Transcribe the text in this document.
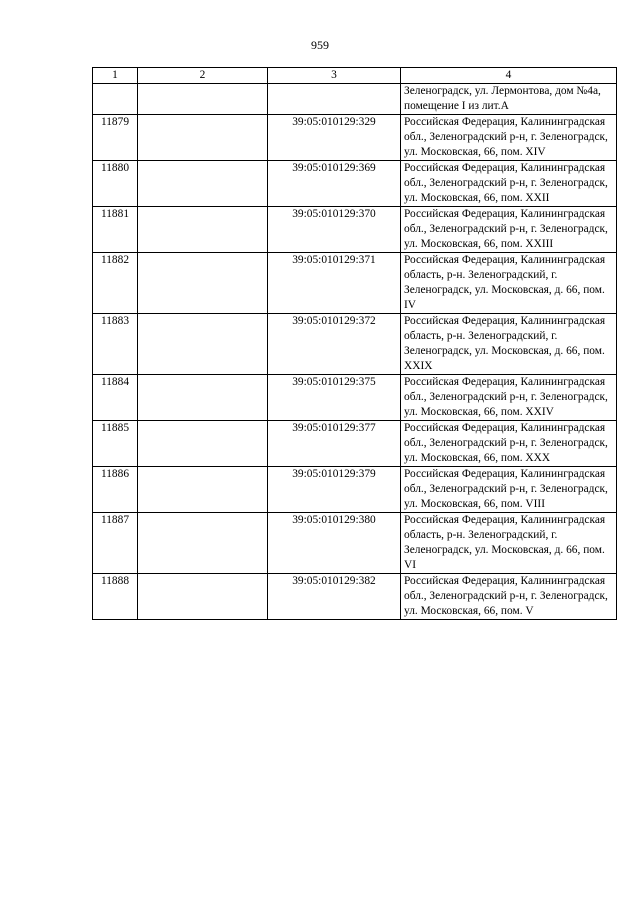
959
1	2	3	4
			Зеленоградск, ул. Лермонтова, дом №4а, помещение I из лит.А
11879		39:05:010129:329	Российская Федерация, Калининградская обл., Зеленоградский р-н, г. Зеленоградск, ул. Московская, 66, пом. XIV
11880		39:05:010129:369	Российская Федерация, Калининградская обл., Зеленоградский р-н, г. Зеленоградск, ул. Московская, 66, пом. XXII
11881		39:05:010129:370	Российская Федерация, Калининградская обл., Зеленоградский р-н, г. Зеленоградск, ул. Московская, 66, пом. XXIII
11882		39:05:010129:371	Российская Федерация, Калининградская область, р-н. Зеленоградский, г. Зеленоградск, ул. Московская, д. 66, пом. IV
11883		39:05:010129:372	Российская Федерация, Калининградская область, р-н. Зеленоградский, г. Зеленоградск, ул. Московская, д. 66, пом. XXIX
11884		39:05:010129:375	Российская Федерация, Калининградская обл., Зеленоградский р-н, г. Зеленоградск, ул. Московская, 66, пом. XXIV
11885		39:05:010129:377	Российская Федерация, Калининградская обл., Зеленоградский р-н, г. Зеленоградск, ул. Московская, 66, пом. XXX
11886		39:05:010129:379	Российская Федерация, Калининградская обл., Зеленоградский р-н, г. Зеленоградск, ул. Московская, 66, пом. VIII
11887		39:05:010129:380	Российская Федерация, Калининградская область, р-н. Зеленоградский, г. Зеленоградск, ул. Московская, д. 66, пом. VI
11888		39:05:010129:382	Российская Федерация, Калининградская обл., Зеленоградский р-н, г. Зеленоградск, ул. Московская, 66, пом. V
